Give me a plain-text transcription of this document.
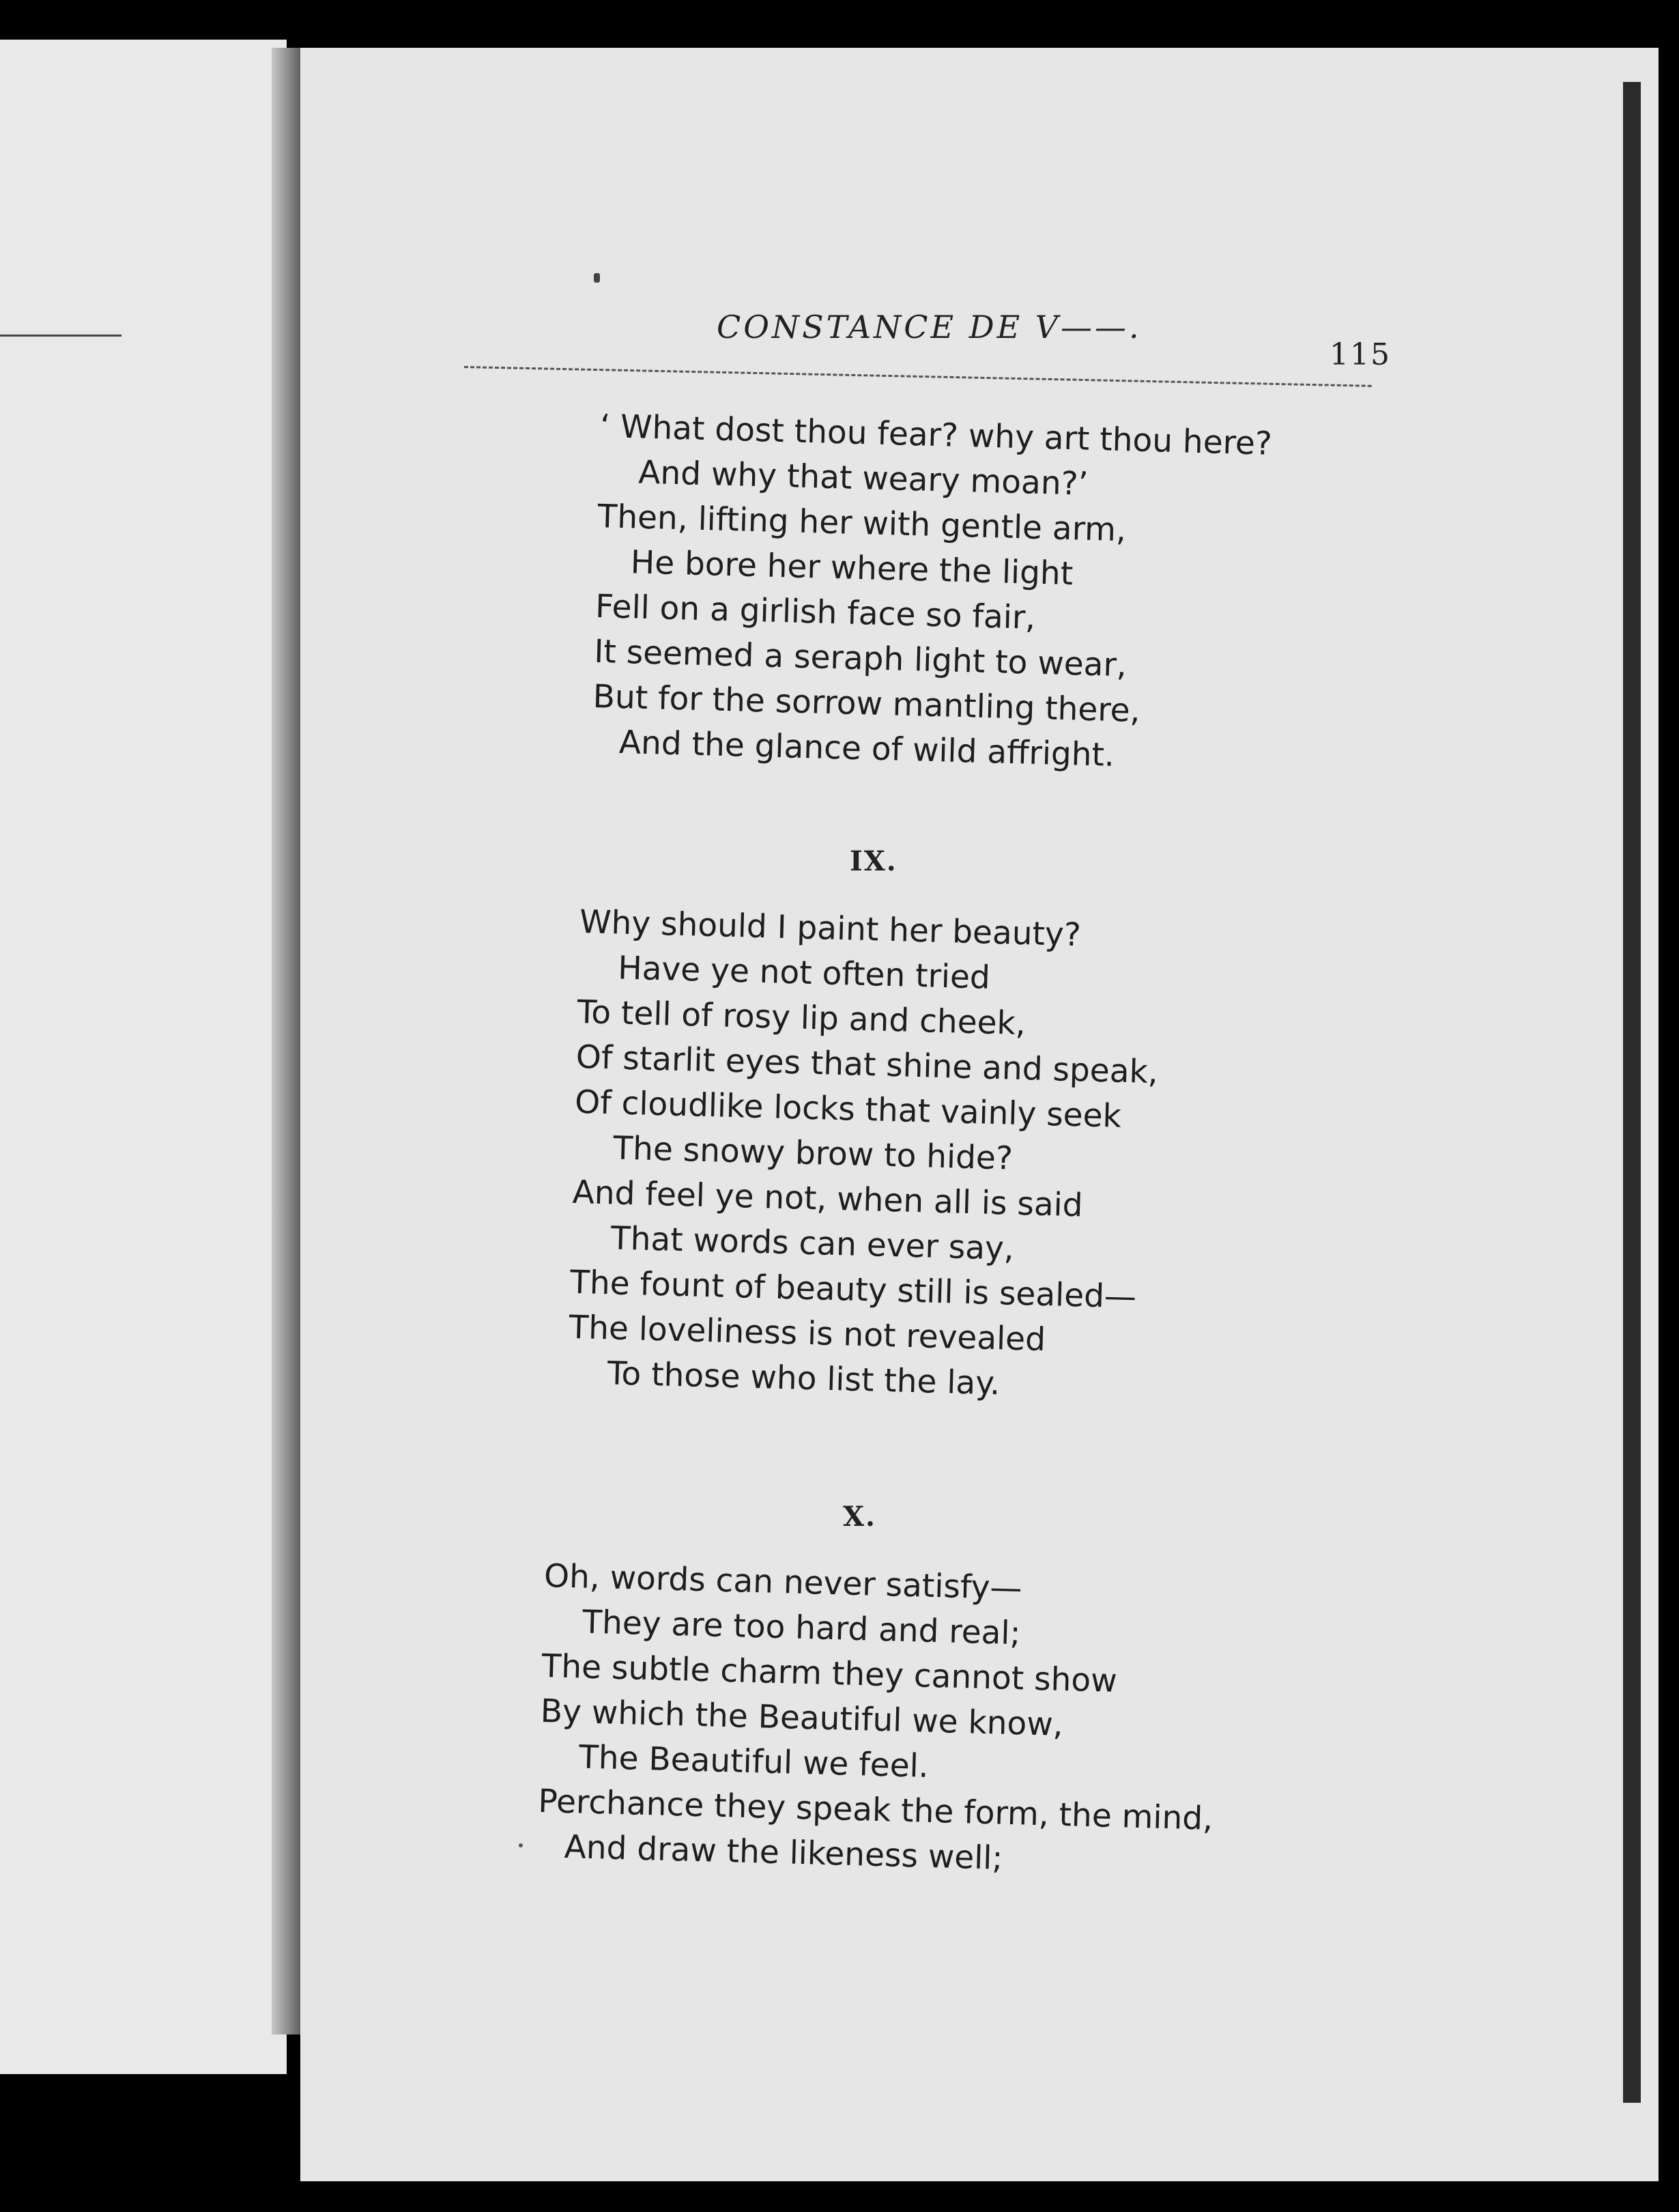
CONSTANCE DE V——.
115
‘ What dost thou fear? why art thou here?
And why that weary moan?’
Then, lifting her with gentle arm,
He bore her where the light
Fell on a girlish face so fair,
It seemed a seraph light to wear,
But for the sorrow mantling there,
And the glance of wild affright.
IX.
Why should I paint her beauty?
Have ye not often tried
To tell of rosy lip and cheek,
Of starlit eyes that shine and speak,
Of cloudlike locks that vainly seek
The snowy brow to hide?
And feel ye not, when all is said
That words can ever say,
The fount of beauty still is sealed—
The loveliness is not revealed
To those who list the lay.
X.
Oh, words can never satisfy—
They are too hard and real;
The subtle charm they cannot show
By which the Beautiful we know,
The Beautiful we feel.
Perchance they speak the form, the mind,
And draw the likeness well;
